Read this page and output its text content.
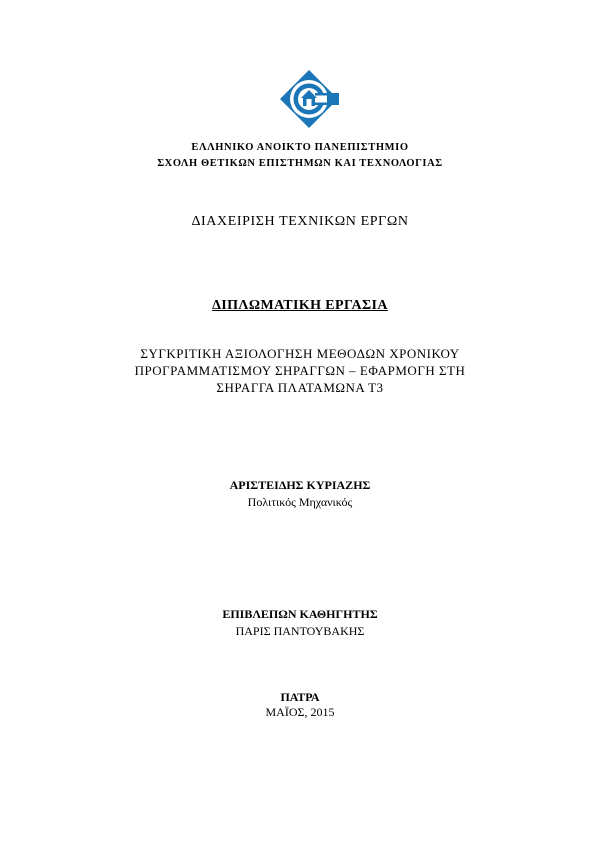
ΕΛΛΗΝΙΚΟ ΑΝΟΙΚΤΟ ΠΑΝΕΠΙΣΤΗΜΙΟ
ΣΧΟΛΗ ΘΕΤΙΚΩΝ ΕΠΙΣΤΗΜΩΝ ΚΑΙ ΤΕΧΝΟΛΟΓΙΑΣ
ΔΙΑΧΕΙΡΙΣΗ ΤΕΧΝΙΚΩΝ ΕΡΓΩΝ
ΔΙΠΛΩΜΑΤΙΚΗ ΕΡΓΑΣΙΑ
ΣΥΓΚΡΙΤΙΚΗ ΑΞΙΟΛΟΓΗΣΗ ΜΕΘΟΔΩΝ ΧΡΟΝΙΚΟΥ
ΠΡΟΓΡΑΜΜΑΤΙΣΜΟΥ ΣΗΡΑΓΓΩΝ – ΕΦΑΡΜΟΓΗ ΣΤΗ
ΣΗΡΑΓΓΑ ΠΛΑΤΑΜΩΝΑ Τ3
ΑΡΙΣΤΕΙΔΗΣ ΚΥΡΙΑΖΗΣ
Πολιτικός Μηχανικός
ΕΠΙΒΛΕΠΩΝ ΚΑΘΗΓΗΤΗΣ
ΠΑΡΙΣ ΠΑΝΤΟΥΒΑΚΗΣ
ΠΑΤΡΑ
ΜΑΪΟΣ, 2015
